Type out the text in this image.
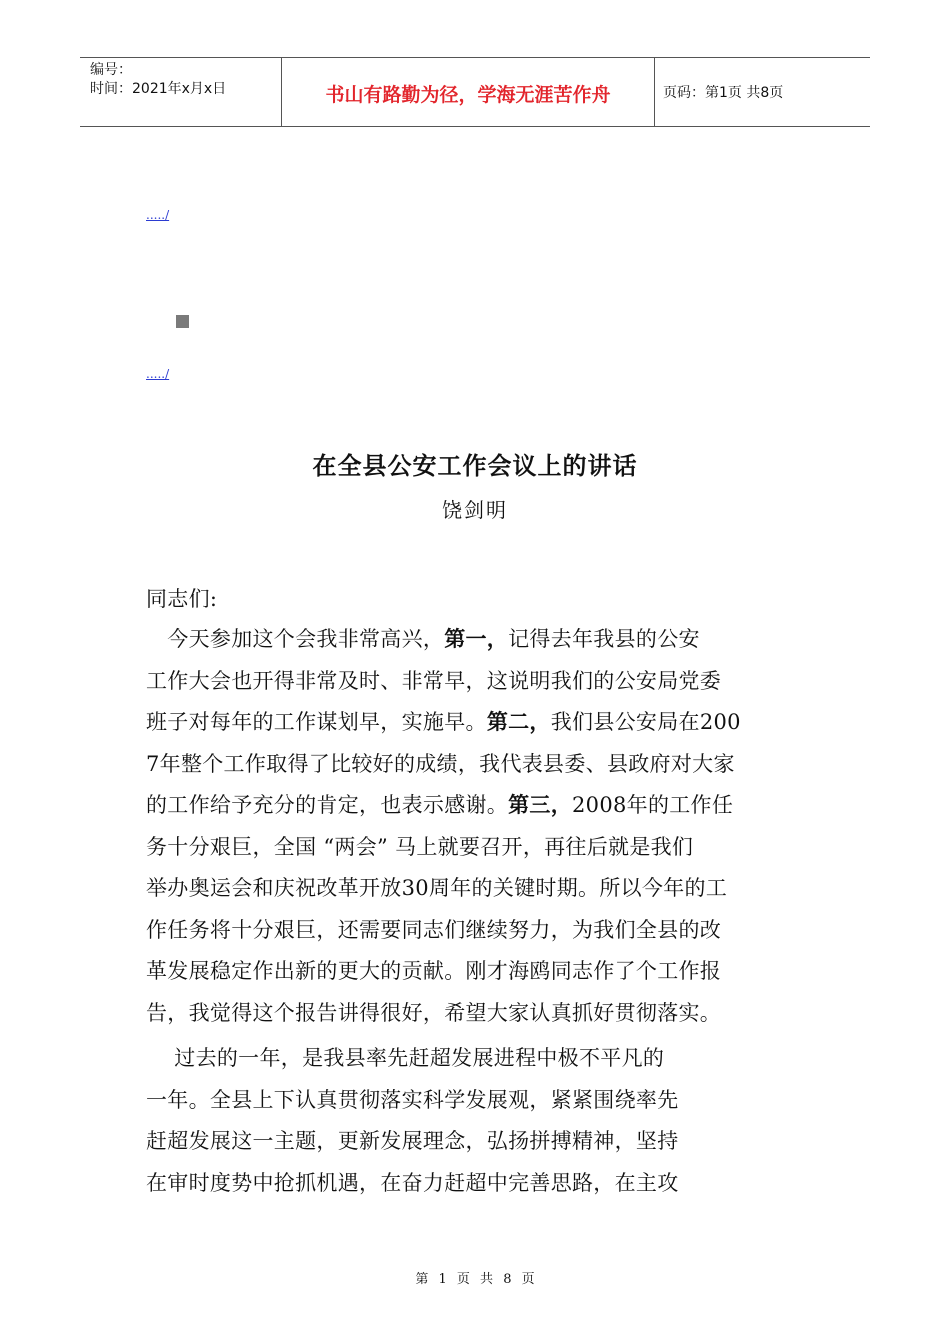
编号：
时间：2021年x月x日	书山有路勤为径，学海无涯苦作舟	页码：第1页 共8页
...../
...../
在全县公安工作会议上的讲话
饶剑明
同志们:
　今天参加这个会我非常高兴，第一，记得去年我县的公安
工作大会也开得非常及时、非常早，这说明我们的公安局党委
班子对每年的工作谋划早，实施早。第二，我们县公安局在200
7年整个工作取得了比较好的成绩，我代表县委、县政府对大家
的工作给予充分的肯定，也表示感谢。第三，2008年的工作任
务十分艰巨，全国 “两会” 马上就要召开，再往后就是我们
举办奥运会和庆祝改革开放30周年的关键时期。所以今年的工
作任务将十分艰巨，还需要同志们继续努力，为我们全县的改
革发展稳定作出新的更大的贡献。刚才海鸥同志作了个工作报
告，我觉得这个报告讲得很好，希望大家认真抓好贯彻落实。
　 过去的一年，是我县率先赶超发展进程中极不平凡的
一年。全县上下认真贯彻落实科学发展观，紧紧围绕率先
赶超发展这一主题，更新发展理念，弘扬拼搏精神，坚持
在审时度势中抢抓机遇，在奋力赶超中完善思路，在主攻
第 1 页 共 8 页
